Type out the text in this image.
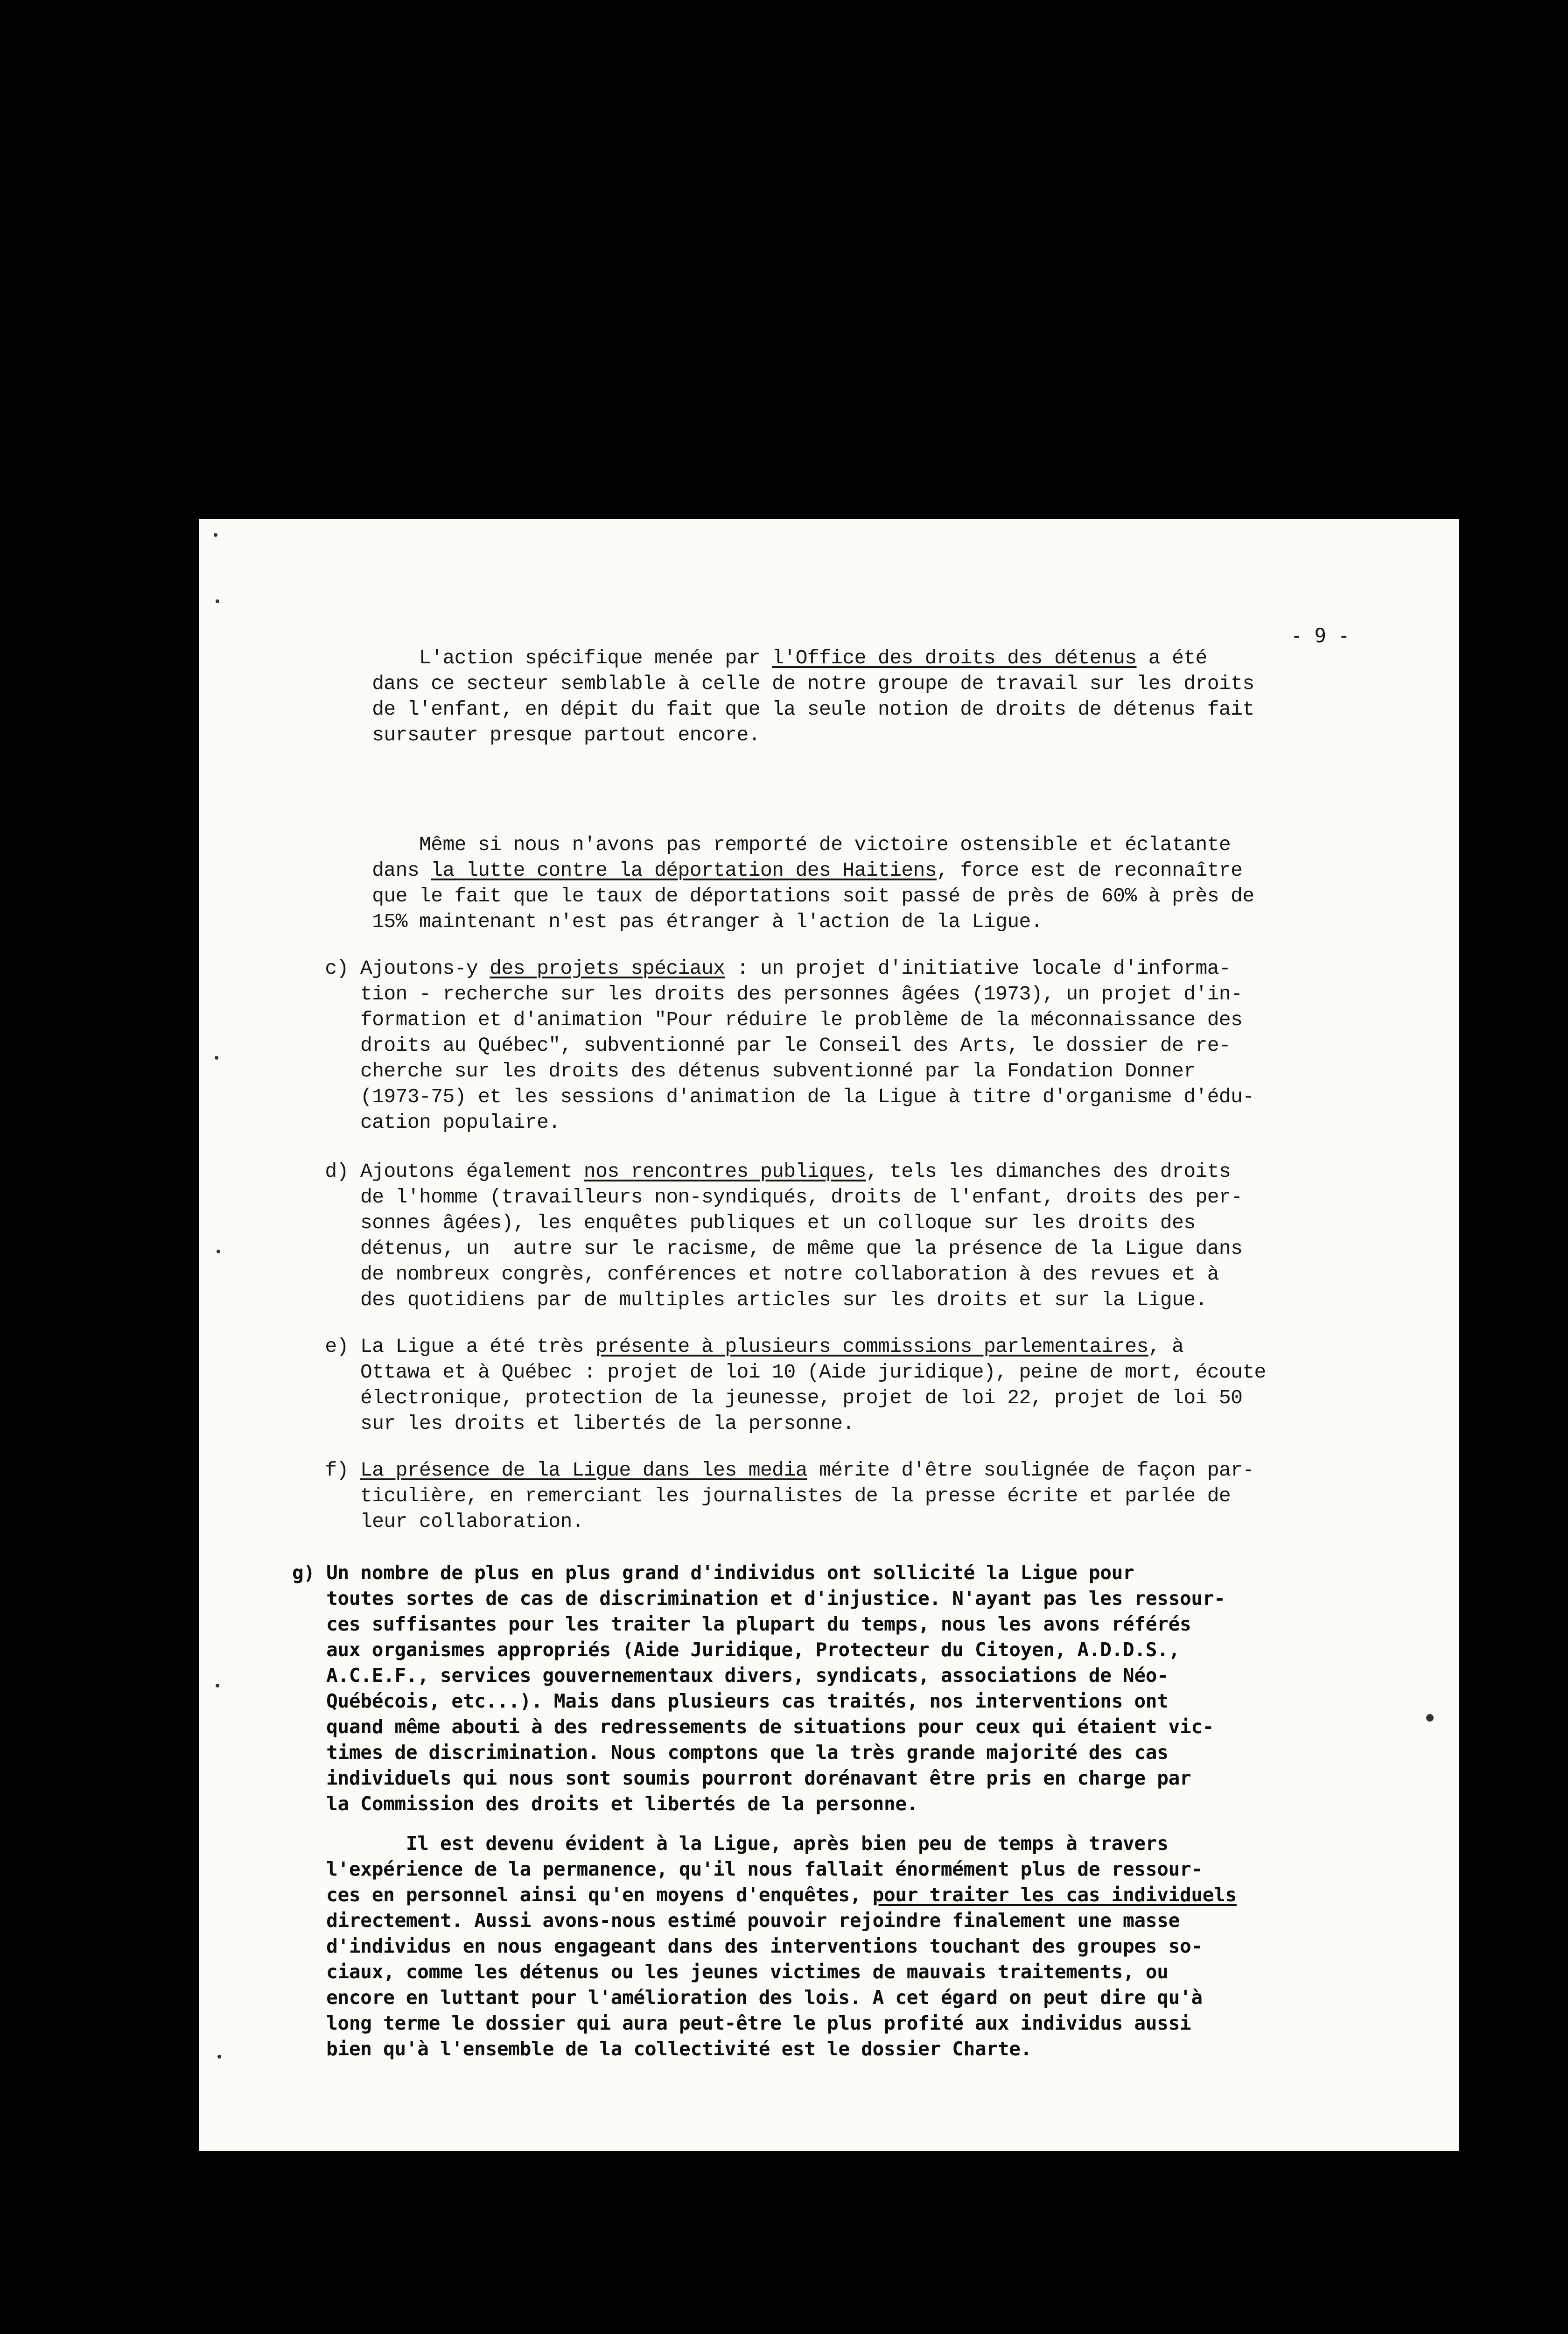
- 9 -
L'action spécifique menée par l'Office des droits des détenus a été
dans ce secteur semblable à celle de notre groupe de travail sur les droits
de l'enfant, en dépit du fait que la seule notion de droits de détenus fait
sursauter presque partout encore.
Même si nous n'avons pas remporté de victoire ostensible et éclatante
dans la lutte contre la déportation des Haitiens, force est de reconnaître
que le fait que le taux de déportations soit passé de près de 60% à près de
15% maintenant n'est pas étranger à l'action de la Ligue.
c) Ajoutons-y des projets spéciaux : un projet d'initiative locale d'informa-
tion - recherche sur les droits des personnes âgées (1973), un projet d'in-
formation et d'animation "Pour réduire le problème de la méconnaissance des
droits au Québec", subventionné par le Conseil des Arts, le dossier de re-
cherche sur les droits des détenus subventionné par la Fondation Donner
(1973-75) et les sessions d'animation de la Ligue à titre d'organisme d'édu-
cation populaire.
d) Ajoutons également nos rencontres publiques, tels les dimanches des droits
de l'homme (travailleurs non-syndiqués, droits de l'enfant, droits des per-
sonnes âgées), les enquêtes publiques et un colloque sur les droits des
détenus, un  autre sur le racisme, de même que la présence de la Ligue dans
de nombreux congrès, conférences et notre collaboration à des revues et à
des quotidiens par de multiples articles sur les droits et sur la Ligue.
e) La Ligue a été très présente à plusieurs commissions parlementaires, à
Ottawa et à Québec : projet de loi 10 (Aide juridique), peine de mort, écoute
électronique, protection de la jeunesse, projet de loi 22, projet de loi 50
sur les droits et libertés de la personne.
f) La présence de la Ligue dans les media mérite d'être soulignée de façon par-
ticulière, en remerciant les journalistes de la presse écrite et parlée de
leur collaboration.
g) Un nombre de plus en plus grand d'individus ont sollicité la Ligue pour
toutes sortes de cas de discrimination et d'injustice. N'ayant pas les ressour-
ces suffisantes pour les traiter la plupart du temps, nous les avons référés
aux organismes appropriés (Aide Juridique, Protecteur du Citoyen, A.D.D.S.,
A.C.E.F., services gouvernementaux divers, syndicats, associations de Néo-
Québécois, etc...). Mais dans plusieurs cas traités, nos interventions ont
quand même abouti à des redressements de situations pour ceux qui étaient vic-
times de discrimination. Nous comptons que la très grande majorité des cas
individuels qui nous sont soumis pourront dorénavant être pris en charge par
la Commission des droits et libertés de la personne.
Il est devenu évident à la Ligue, après bien peu de temps à travers
l'expérience de la permanence, qu'il nous fallait énormément plus de ressour-
ces en personnel ainsi qu'en moyens d'enquêtes, pour traiter les cas individuels
directement. Aussi avons-nous estimé pouvoir rejoindre finalement une masse
d'individus en nous engageant dans des interventions touchant des groupes so-
ciaux, comme les détenus ou les jeunes victimes de mauvais traitements, ou
encore en luttant pour l'amélioration des lois. A cet égard on peut dire qu'à
long terme le dossier qui aura peut-être le plus profité aux individus aussi
bien qu'à l'ensemble de la collectivité est le dossier Charte.
